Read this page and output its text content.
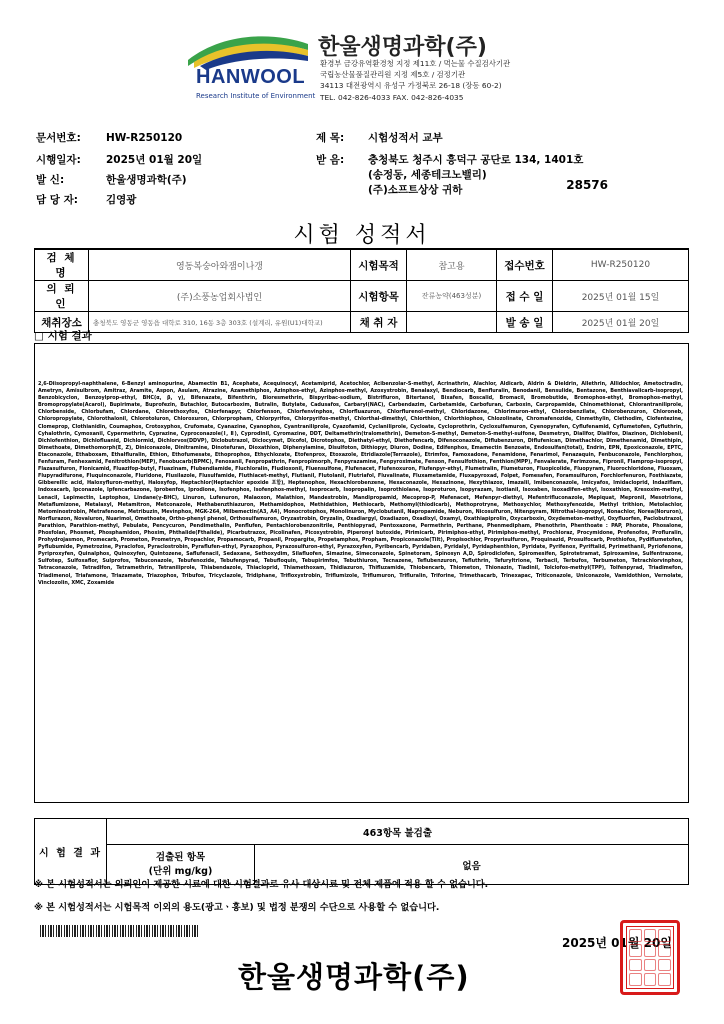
HANWOOL
Research Institute of Environment
한울생명과학(주)
환경부 금강유역환경청 지정 제11호 / 먹는물 수질검사기관
국립농산물품질관리원 지정 제5호 / 검정기관
34113 대전광역시 유성구 가정북로 26-18 (장동 60-2)
TEL. 042-826-4033 FAX. 042-826-4035
문서번호: HW-R250120
시행일자: 2025년 01월 20일
발 신:	한울생명과학(주)
담 당 자:	김영광
제 목: 시험성적서 교부
받 음: 충청북도 청주시 흥덕구 공단로 134, 1401호
(송정동, 세종테크노밸리)
(주)소프트상상 귀하	28576
시험 성적서
검 체 명	영동복숭아와잼이나갱	시험목적	참고용	접수번호	HW-R250120
의 뢰 인	(주)소풍농업회사법인	시험항목	잔류농약(463성분)	접 수 일	2025년 01월 15일
채취장소	충청북도 영동군 영동읍 대학로 310, 16동 3층 303호 (설계리, 유원(U1)대학교)	채 취 자		발 송 일	2025년 01월 20일
□ 시험 결과
2,6-Diisopropyl-naphthalene, 6-Benzyl aminopurine, Abamectin B1, Acephate, Acequinocyl, Acetamiprid, Acetochlor, Acibenzolar-S-methyl, Acrinathrin, Alachlor, Aldicarb, Aldrin & Dieldrin, Allethrin, Allidochlor, Ametoctradin, Ametryn, Amisulbrom, Amitraz, Aramite, Aspon, Asulam, Atrazine, Azamethiphos, Azinphos-ethyl, Azinphos-methyl, Azoxystrobin, Benalaxyl, Bendiocarb, Benfluralin, Benodanil, Bensulide, Bentazone, Benthiavalicarb-isopropyl, Benzobicyclon, Benzoylprop-ethyl, BHC(α, β, γ), Bifenazate, Bifenthrin, Bioresmethrin, Bispyribac-sodium, Bistrifluron, Bitertanol, Bixafen, Boscalid, Bromacil, Bromobutide, Bromophos-ethyl, Bromophos-methyl, Bromopropylate(Acarol), Bupirimate, Buprofezin, Butachlor, Butocarboxim, Butralin, Butylate, Cadusafos, Carbaryl(NAC), Carbendazim, Carbetamide, Carbofuran, Carboxin, Carpropamide, Chinomethionat, Chlorantraniliprole, Chlorbenside, Chlorbufam, Chlordane, Chlorethoxyfos, Chlorfenapyr, Chlorfenson, Chlorfenvinphos, Chlorfluazuron, Chlorflurenol-methyl, Chloridazone, Chlorimuron-ethyl, Chlorobenzilate, Chlorobenzuron, Chloroneb, Chloropropylate, Chlorothalonil, Chlorotoluron, Chloroxuron, Chlorpropham, Chlorpyrifos, Chlorpyrifos-methyl, Chlorthal-dimethyl, Chlorthion, Chlorthiophos, Chlozolinate, Chromafenozide, Cinmethylin, Clethodim, Clofentezine, Clomeprop, Clothianidin, Coumaphos, Crotoxyphos, Crufomate, Cyanazine, Cyanophos, Cyantraniliprole, Cyazofamid, Cyclaniliprole, Cycloate, Cycloprothrin, Cycloxulfamuron, Cyenopyrafen, Cyflufenamid, Cyflumetofen, Cyfluthrin, Cyhalothrin, Cymoxanil, Cypermethrin, Cyprazine, Cyproconazole(Ⅰ, Ⅱ), Cyprodinil, Cyromazine, DDT, Deltamethrin(tralomethrin), Demeton-S-methyl, Demeton-S-methyl-sulfone, Desmetryn, Diallfor, Dialifos, Diazinon, Dichlobenil, Dichlofenthion, Dichlofluanid, Dichlormid, Dichlorvos(DDVP), Diclobutrazol, Diclocymet, Dicofol, Dicrotophos, Diethatyl-ethyl, Diethofencarb, Difenoconazole, Diflubenzuron, Diflufenican, Dimethachlor, Dimethenamid, Dimethipin, Dimethoate, Dimethomorph(E, Z), Diniconazole, Dinitramine, Dinotefuran, Dioxathion, Diphenylamine, Disulfoton, Dithiopyr, Diuron, Dodine, Edifenphos, Emamectin Benzoate, Endosulfan(total), Endrin, EPN, Epoxiconazole, EPTC, Etaconazole, Ethaboxam, Ethalfluralin, Ethion, Ethofumesate, Ethoprophos, Ethychlozate, Etofenprox, Etoxazole, Etridiazole(Terrazole), Etrimfos, Famoxadone, Fenamidone, Fenarimol, Fenazaquin, Fenbuconazole, Fenchlorphos, Fenfuram, Fenhexamid, Fenitrothion(MEP), Fenobucarb(BPMC), Fenoxanil, Fenpropathrin, Fenpropimorph, Fenpyrazamine, Fenpyroximate, Fenson, Fensulfothion, Fenthion(MPP), Fenvalerate, Ferimzone, Fipronil, Flamprop-isopropyl, Flazasulfuron, Flonicamid, Fluazifop-butyl, Fluazinam, Flubendiamide, Fluchloralin, Fludioxonil, Fluensulfone, Flufenacet, Flufenoxuron, Flufenpyr-ethyl, Flumetralin, Flumeturon, Fluopicolide, Fluopyram, Fluorochloridone, Fluoxam, Flupyradifurone, Fluquinconazole, Fluridone, Flusilazole, Flusulfamide, Fluthiacet-methyl, Flutianil, Flutolanil, Flutriafol, Fluvalinate, Fluxametamide, Fluxapyroxad, Folpet, Fomesafen, Foramsulfuron, Forchlorfenuron, Fosthiazate, Gibberellic acid, Haloxyfluron-methyl, Haloxyfop, Heptachlor(Heptachlor epoxide 포함), Heptenophos, Hexachlorobenzene, Hexaconazole, Hexazinone, Hexythiazox, Imazalil, Imibenconazole, Imicyafos, Imidacloprid, Indaziflam, Indoxacarb, Ipconazole, Ipfencarbazone, Iprobenfos, Iprodione, Isofenphos, Isofenphos-methyl, Isoprocarb, Isopropalin, Isoprothiolane, Isoproturon, Isopyrazam, Isotianil, Isoxaben, Isoxadifen-ethyl, Isoxathion, Kresoxim-methyl, Lenacil, Lepimectin, Leptophos, Lindane(γ-BHC), Linuron, Lufenuron, Malaoxon, Malathion, Mandestrobin, Mandipropamid, Mecoprop-P, Mefenacet, Mefenpyr-diethyl, Mefentrifluconazole, Mepiquat, Mepronil, Mesotrione, Metaflumizone, Metalaxyl, Metamitron, Metconazole, Methabenzthiazuron, Methamidophos, Methidathion, Methiocarb, Methomyl(thiodicarb), Methoprotryne, Methoxychlor, Methoxyfenozide, Methyl trithion, Metolachlor, Metominostrobin, Metrafenone, Metribuzin, Mevinphos, MGK-264, Milbemectin(A3, A4), Monocrotophos, Monolinuron, Myclobutanil, Napropamide, Neburon, Nicosulfuron, Nitenpyram, Nitrothal-isopropyl, Nonachlor, Norea(Noruron), Norflurazon, Novaluron, Nuarimol, Omethoate, Ortho-phenyl phenol, Orthosulfamuron, Oryzastrobin, Oryzalin, Oxadiargyl, Oxadiazon, Oxadixyl, Oxamyl, Oxathiapiprolin, Oxycarboxin, Oxydemeton-methyl, Oxyfluorfen, Paclobutrazol, Parathion, Parathion-methyl, Pebulate, Pencycuron, Pendimethalin, Penflufen, Pentachlorobenzonitrile, Penthiopyrad, Pentoxazone, Permethrin, Perthane, Phenmedipham, Phenothrin, Phenthoate : PAP, Phorate, Phosalone, Phosfolan, Phosmet, Phosphamidon, Phoxim, Phthalide(Fthalide), Picarbutrazox, Picolinafen, Picoxystrobin, Piperonyl butoxide, Pirimicarb, Pirimiphos-ethyl, Pirimiphos-methyl, Prochloraz, Procymidone, Profenofos, Profluralin, Prohydrojasmon, Promecarb, Prometon, Prometryn, Propachlor, Propamocarb, Propanil, Propargite, Propetamphos, Propham, Propiconazole(Tilt), Propisochlor, Propyrisulfuron, Proquinazid, Prosulfocarb, Prothiofos, Pydiflumetofen, Pyflubumide, Pymetrozine, Pyraclofos, Pyraclostrobin, Pyraflufen-ethyl, Pyrazophos, Pyrazosulfuron-ethyl, Pyrazoxyfen, Pyribencarb, Pyridaben, Pyridalyl, Pyridaphenthion, Pyridate, Pyrifenox, Pyriftalid, Pyrimethanil, Pyriofenone, Pyriproxyfen, Quinalphos, Quinoxyfen, Quintozene, Saflufenacil, Sedaxane, Sethoxydim, Silafluofen, Simazine, Simeconazole, Spinetoram, Spinosyn A,D, Spirodiclofen, Spiromesifen, Spirotetramat, Spiroxamine, Sulfentrazone, Sulfotep, Sulfoxaflor, Sulprofos, Tebuconazole, Tebufenozide, Tebufenpyrad, Tebufloquin, Tebupirimfos, Tebuthiuron, Tecnazene, Teflubenzuron, Tefluthrin, Tefuryltrione, Terbacil, Terbufos, Terbumeton, Tetrachlorvinphos, Tetraconazole, Tetradifon, Tetramethrin, Tetraniliprole, Thiabendazole, Thiacloprid, Thiamethoxam, Thidiazuron, Thifluzamide, Thiobencarb, Thiometon, Thionazin, Tiadinil, Tolclofos-methyl(TPP), Tolfenpyrad, Triadimefon, Triadimenol, Triafamone, Triazamate, Triazophos, Tribufos, Tricyclazole, Tridiphane, Trifloxystrobin, Triflumizole, Triflumuron, Trifluralin, Triforine, Trimethacarb, Trinexapac, Triticonazole, Uniconazole, Vamidothion, Vernolate, Vinclozolin, XMC, Zoxamide
시 험 결 과	463항목 불검출	

	검출된 항목
(단위 mg/kg)	없음
※ 본 시험성적서는 의뢰인이 제공한 시료에 대한 시험결과로 유사 대상시료 및 전체 제품에 적용 할 수 없습니다.
※ 본 시험성적서는 시험목적 이외의 용도(광고ㆍ홍보) 및 법정 분쟁의 수단으로 사용할 수 없습니다.
2025년 01월 20일
한울생명과학(주)
